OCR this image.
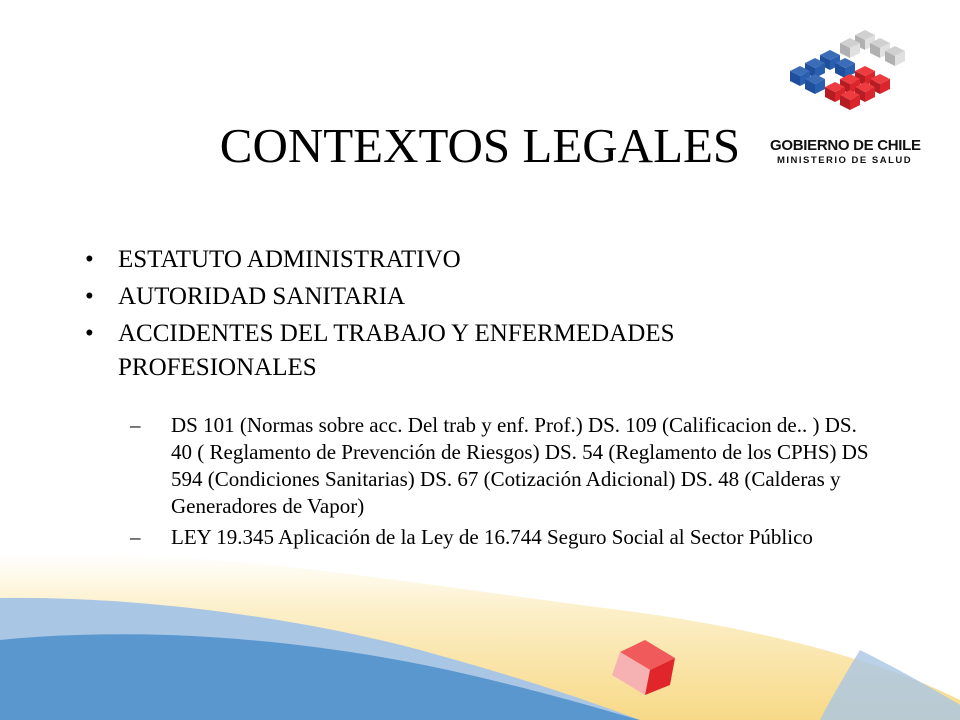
GOBIERNO DE CHILE
MINISTERIO DE SALUD
CONTEXTOS LEGALES
• ESTATUTO ADMINISTRATIVO
• AUTORIDAD SANITARIA
• ACCIDENTES DEL TRABAJO Y ENFERMEDADES PROFESIONALES
– DS 101 (Normas sobre acc. Del trab y enf. Prof.) DS. 109 (Calificacion de.. ) DS. 40 ( Reglamento de Prevención de Riesgos) DS. 54 (Reglamento de los CPHS) DS 594 (Condiciones Sanitarias) DS. 67 (Cotización Adicional) DS. 48 (Calderas y Generadores de Vapor)
– LEY 19.345 Aplicación de la Ley de 16.744 Seguro Social al Sector Público
